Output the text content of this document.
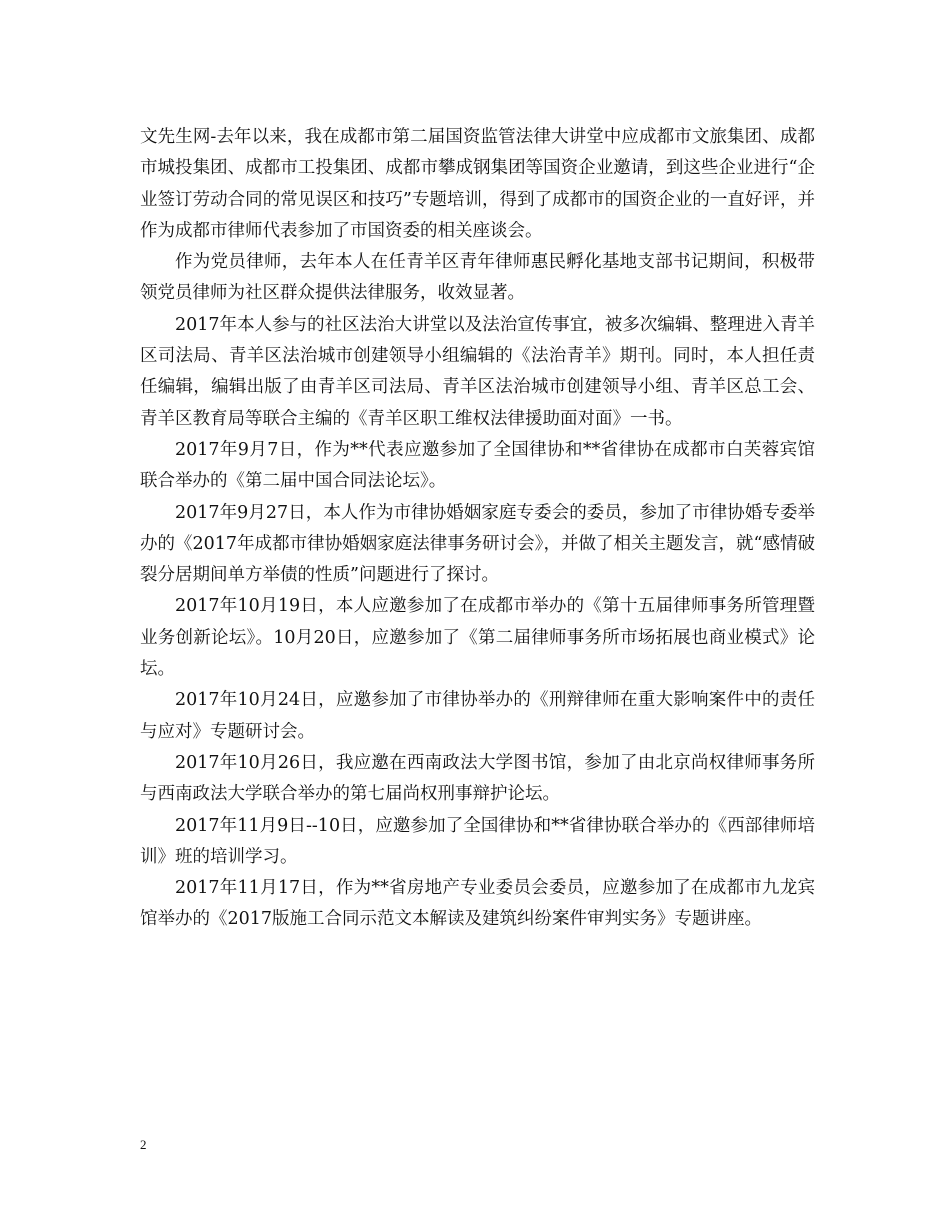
文先生网-去年以来，我在成都市第二届国资监管法律大讲堂中应成都市文旅集团、成都市城投集团、成都市工投集团、成都市攀成钢集团等国资企业邀请，到这些企业进行“企业签订劳动合同的常见误区和技巧”专题培训，得到了成都市的国资企业的一直好评，并作为成都市律师代表参加了市国资委的相关座谈会。

作为党员律师，去年本人在任青羊区青年律师惠民孵化基地支部书记期间，积极带领党员律师为社区群众提供法律服务，收效显著。

2017年本人参与的社区法治大讲堂以及法治宣传事宜，被多次编辑、整理进入青羊区司法局、青羊区法治城市创建领导小组编辑的《法治青羊》期刊。同时，本人担任责任编辑，编辑出版了由青羊区司法局、青羊区法治城市创建领导小组、青羊区总工会、青羊区教育局等联合主编的《青羊区职工维权法律援助面对面》一书。

2017年9月7日，作为**代表应邀参加了全国律协和**省律协在成都市白芙蓉宾馆联合举办的《第二届中国合同法论坛》。

2017年9月27日，本人作为市律协婚姻家庭专委会的委员，参加了市律协婚专委举办的《2017年成都市律协婚姻家庭法律事务研讨会》，并做了相关主题发言，就“感情破裂分居期间单方举债的性质”问题进行了探讨。

2017年10月19日，本人应邀参加了在成都市举办的《第十五届律师事务所管理暨业务创新论坛》。10月20日，应邀参加了《第二届律师事务所市场拓展也商业模式》论坛。

2017年10月24日，应邀参加了市律协举办的《刑辩律师在重大影响案件中的责任与应对》专题研讨会。

2017年10月26日，我应邀在西南政法大学图书馆，参加了由北京尚权律师事务所与西南政法大学联合举办的第七届尚权刑事辩护论坛。

2017年11月9日--10日，应邀参加了全国律协和**省律协联合举办的《西部律师培训》班的培训学习。

2017年11月17日，作为**省房地产专业委员会委员，应邀参加了在成都市九龙宾馆举办的《2017版施工合同示范文本解读及建筑纠纷案件审判实务》专题讲座。

2
